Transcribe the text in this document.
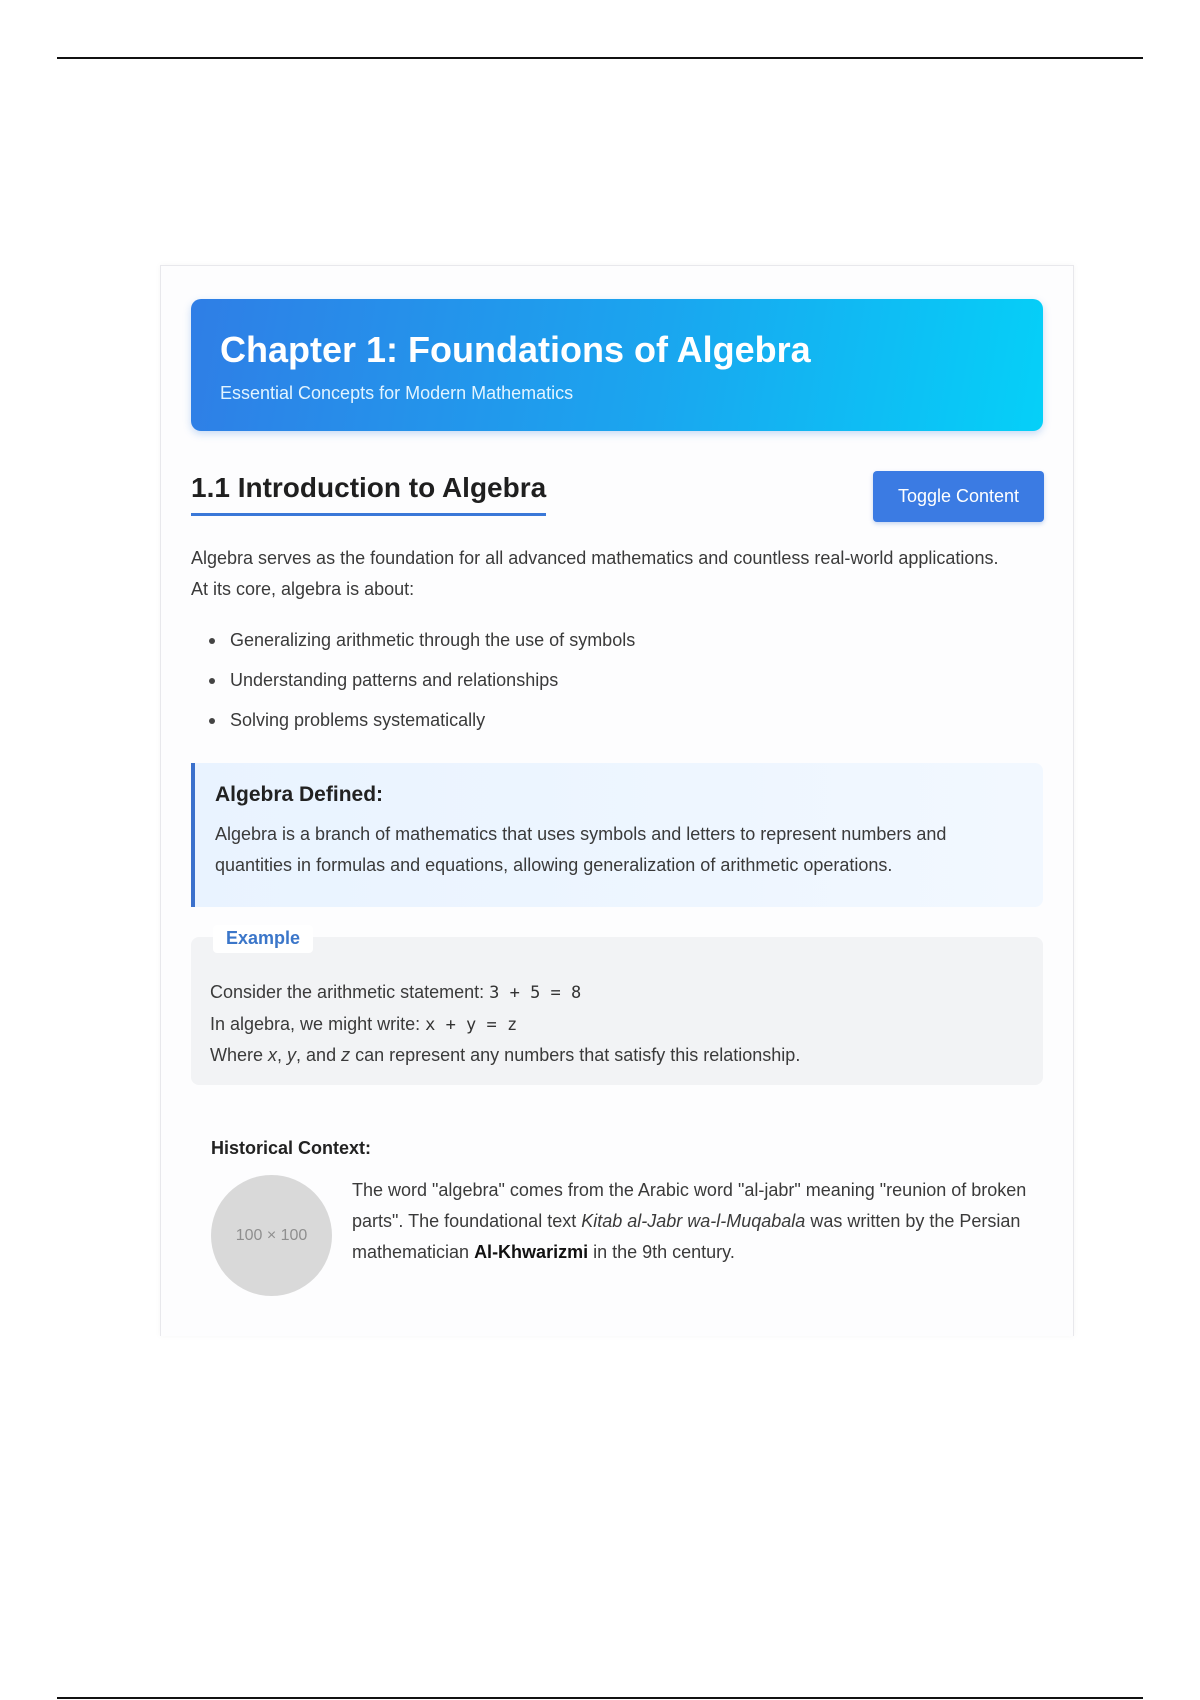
Chapter 1: Foundations of Algebra

Essential Concepts for Modern Mathematics

1.1 Introduction to Algebra	Toggle Content

Algebra serves as the foundation for all advanced mathematics and countless real-world applications. At its core, algebra is about:

Generalizing arithmetic through the use of symbols
Understanding patterns and relationships
Solving problems systematically

Algebra Defined:

Algebra is a branch of mathematics that uses symbols and letters to represent numbers and quantities in formulas and equations, allowing generalization of arithmetic operations.

Example

Consider the arithmetic statement: 3 + 5 = 8

In algebra, we might write: x + y = z

Where x, y, and z can represent any numbers that satisfy this relationship.

Historical Context:

100 × 100

The word "algebra" comes from the Arabic word "al-jabr" meaning "reunion of broken parts". The foundational text Kitab al-Jabr wa-l-Muqabala was written by the Persian mathematician Al-Khwarizmi in the 9th century.
